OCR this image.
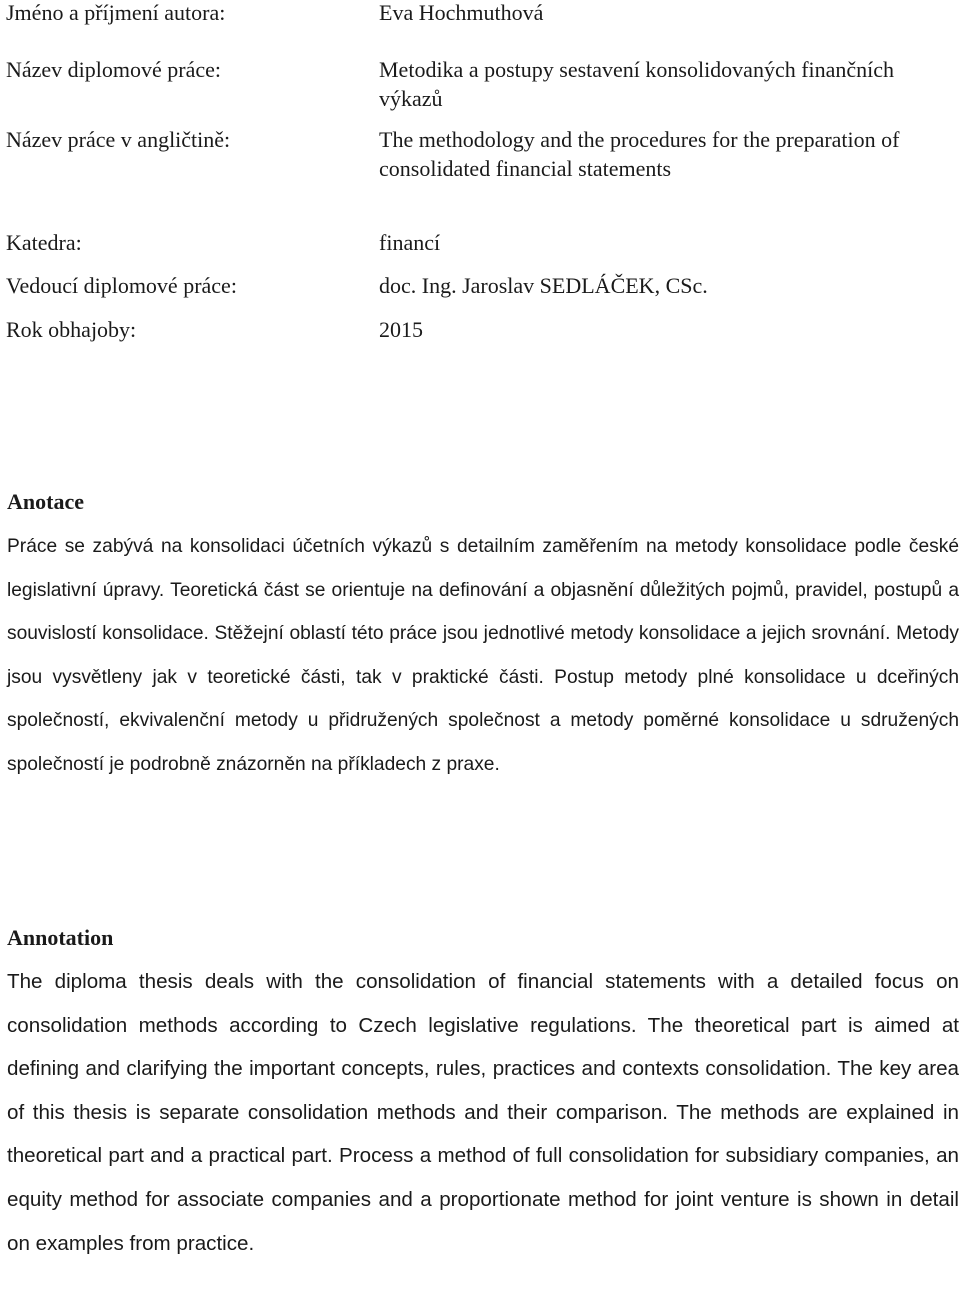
Jméno a příjmení autora:	Eva Hochmuthová
Název diplomové práce:	Metodika a postupy sestavení konsolidovaných finančních výkazů
Název práce v angličtině:	The methodology and the procedures for the preparation of consolidated financial statements
Katedra:	financí
Vedoucí diplomové práce:	doc. Ing. Jaroslav SEDLÁČEK, CSc.
Rok obhajoby:	2015
Anotace
Práce se zabývá na konsolidaci účetních výkazů s detailním zaměřením na metody konsolidace podle české legislativní úpravy. Teoretická část se orientuje na definování a objasnění důležitých pojmů, pravidel, postupů a souvislostí konsolidace. Stěžejní oblastí této práce jsou jednotlivé metody konsolidace a jejich srovnání. Metody jsou vysvětleny jak v teoretické části, tak v praktické části. Postup metody plné konsolidace u dceřiných společností, ekvivalenční metody u přidružených společnost a metody poměrné konsolidace u sdružených společností je podrobně znázorněn na příkladech z praxe.
Annotation
The diploma thesis deals with the consolidation of financial statements with a detailed focus on consolidation methods according to Czech legislative regulations. The theoretical part is aimed at defining and clarifying the important concepts, rules, practices and contexts consolidation. The key area of this thesis is separate consolidation methods and their comparison. The methods are explained in theoretical part and a practical part. Process a method of full consolidation for subsidiary companies, an equity method for associate companies and a proportionate method for joint venture is shown in detail on examples from practice.
